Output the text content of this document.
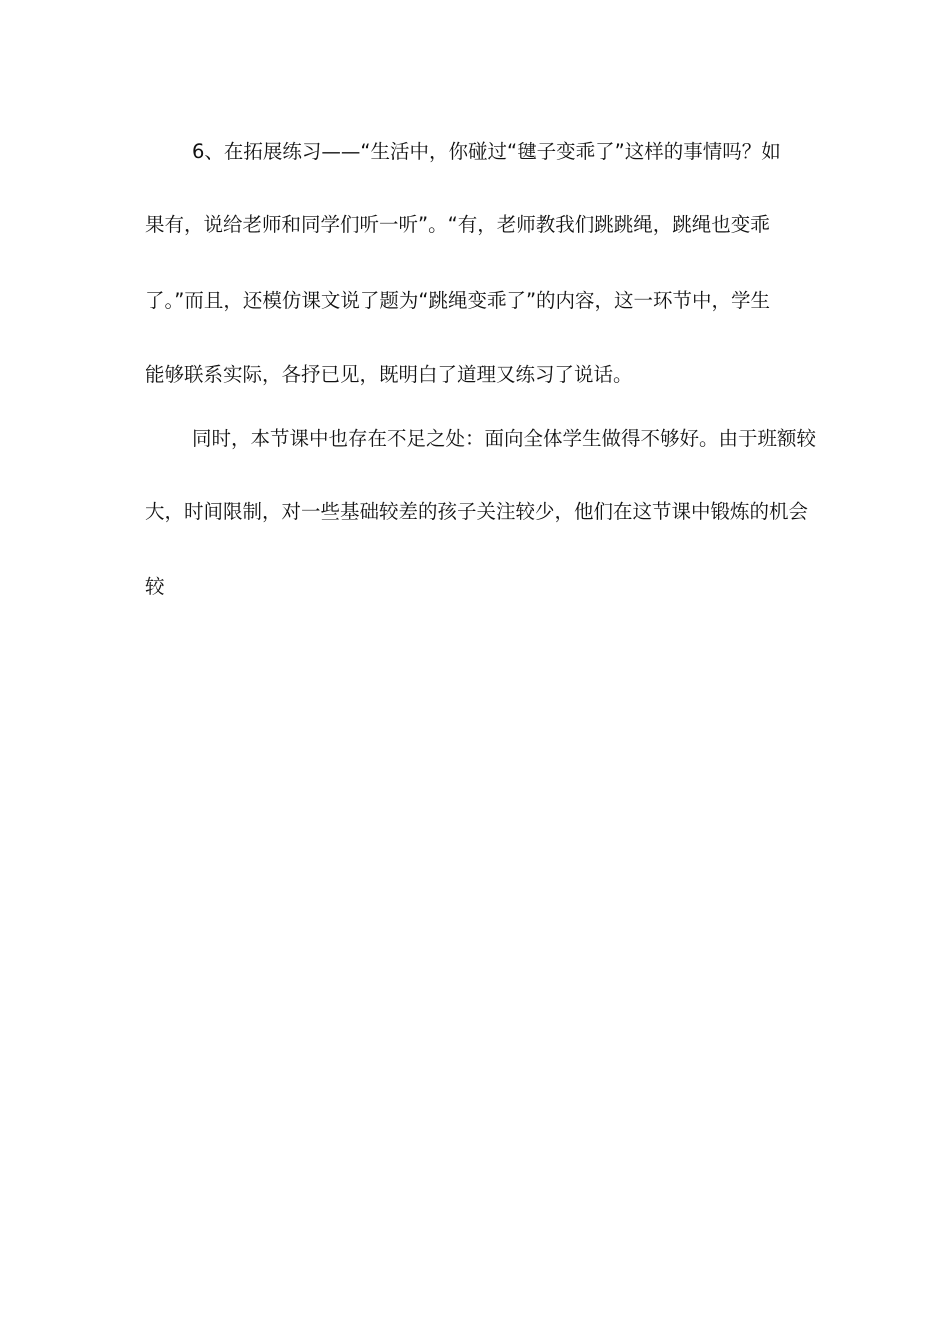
6、在拓展练习——“生活中，你碰过“毽子变乖了”这样的事情吗？如
果有，说给老师和同学们听一听”。“有，老师教我们跳跳绳，跳绳也变乖
了。”而且，还模仿课文说了题为“跳绳变乖了”的内容，这一环节中，学生
能够联系实际，各抒已见，既明白了道理又练习了说话。
同时，本节课中也存在不足之处：面向全体学生做得不够好。由于班额较
大，时间限制，对一些基础较差的孩子关注较少，他们在这节课中锻炼的机会
较
